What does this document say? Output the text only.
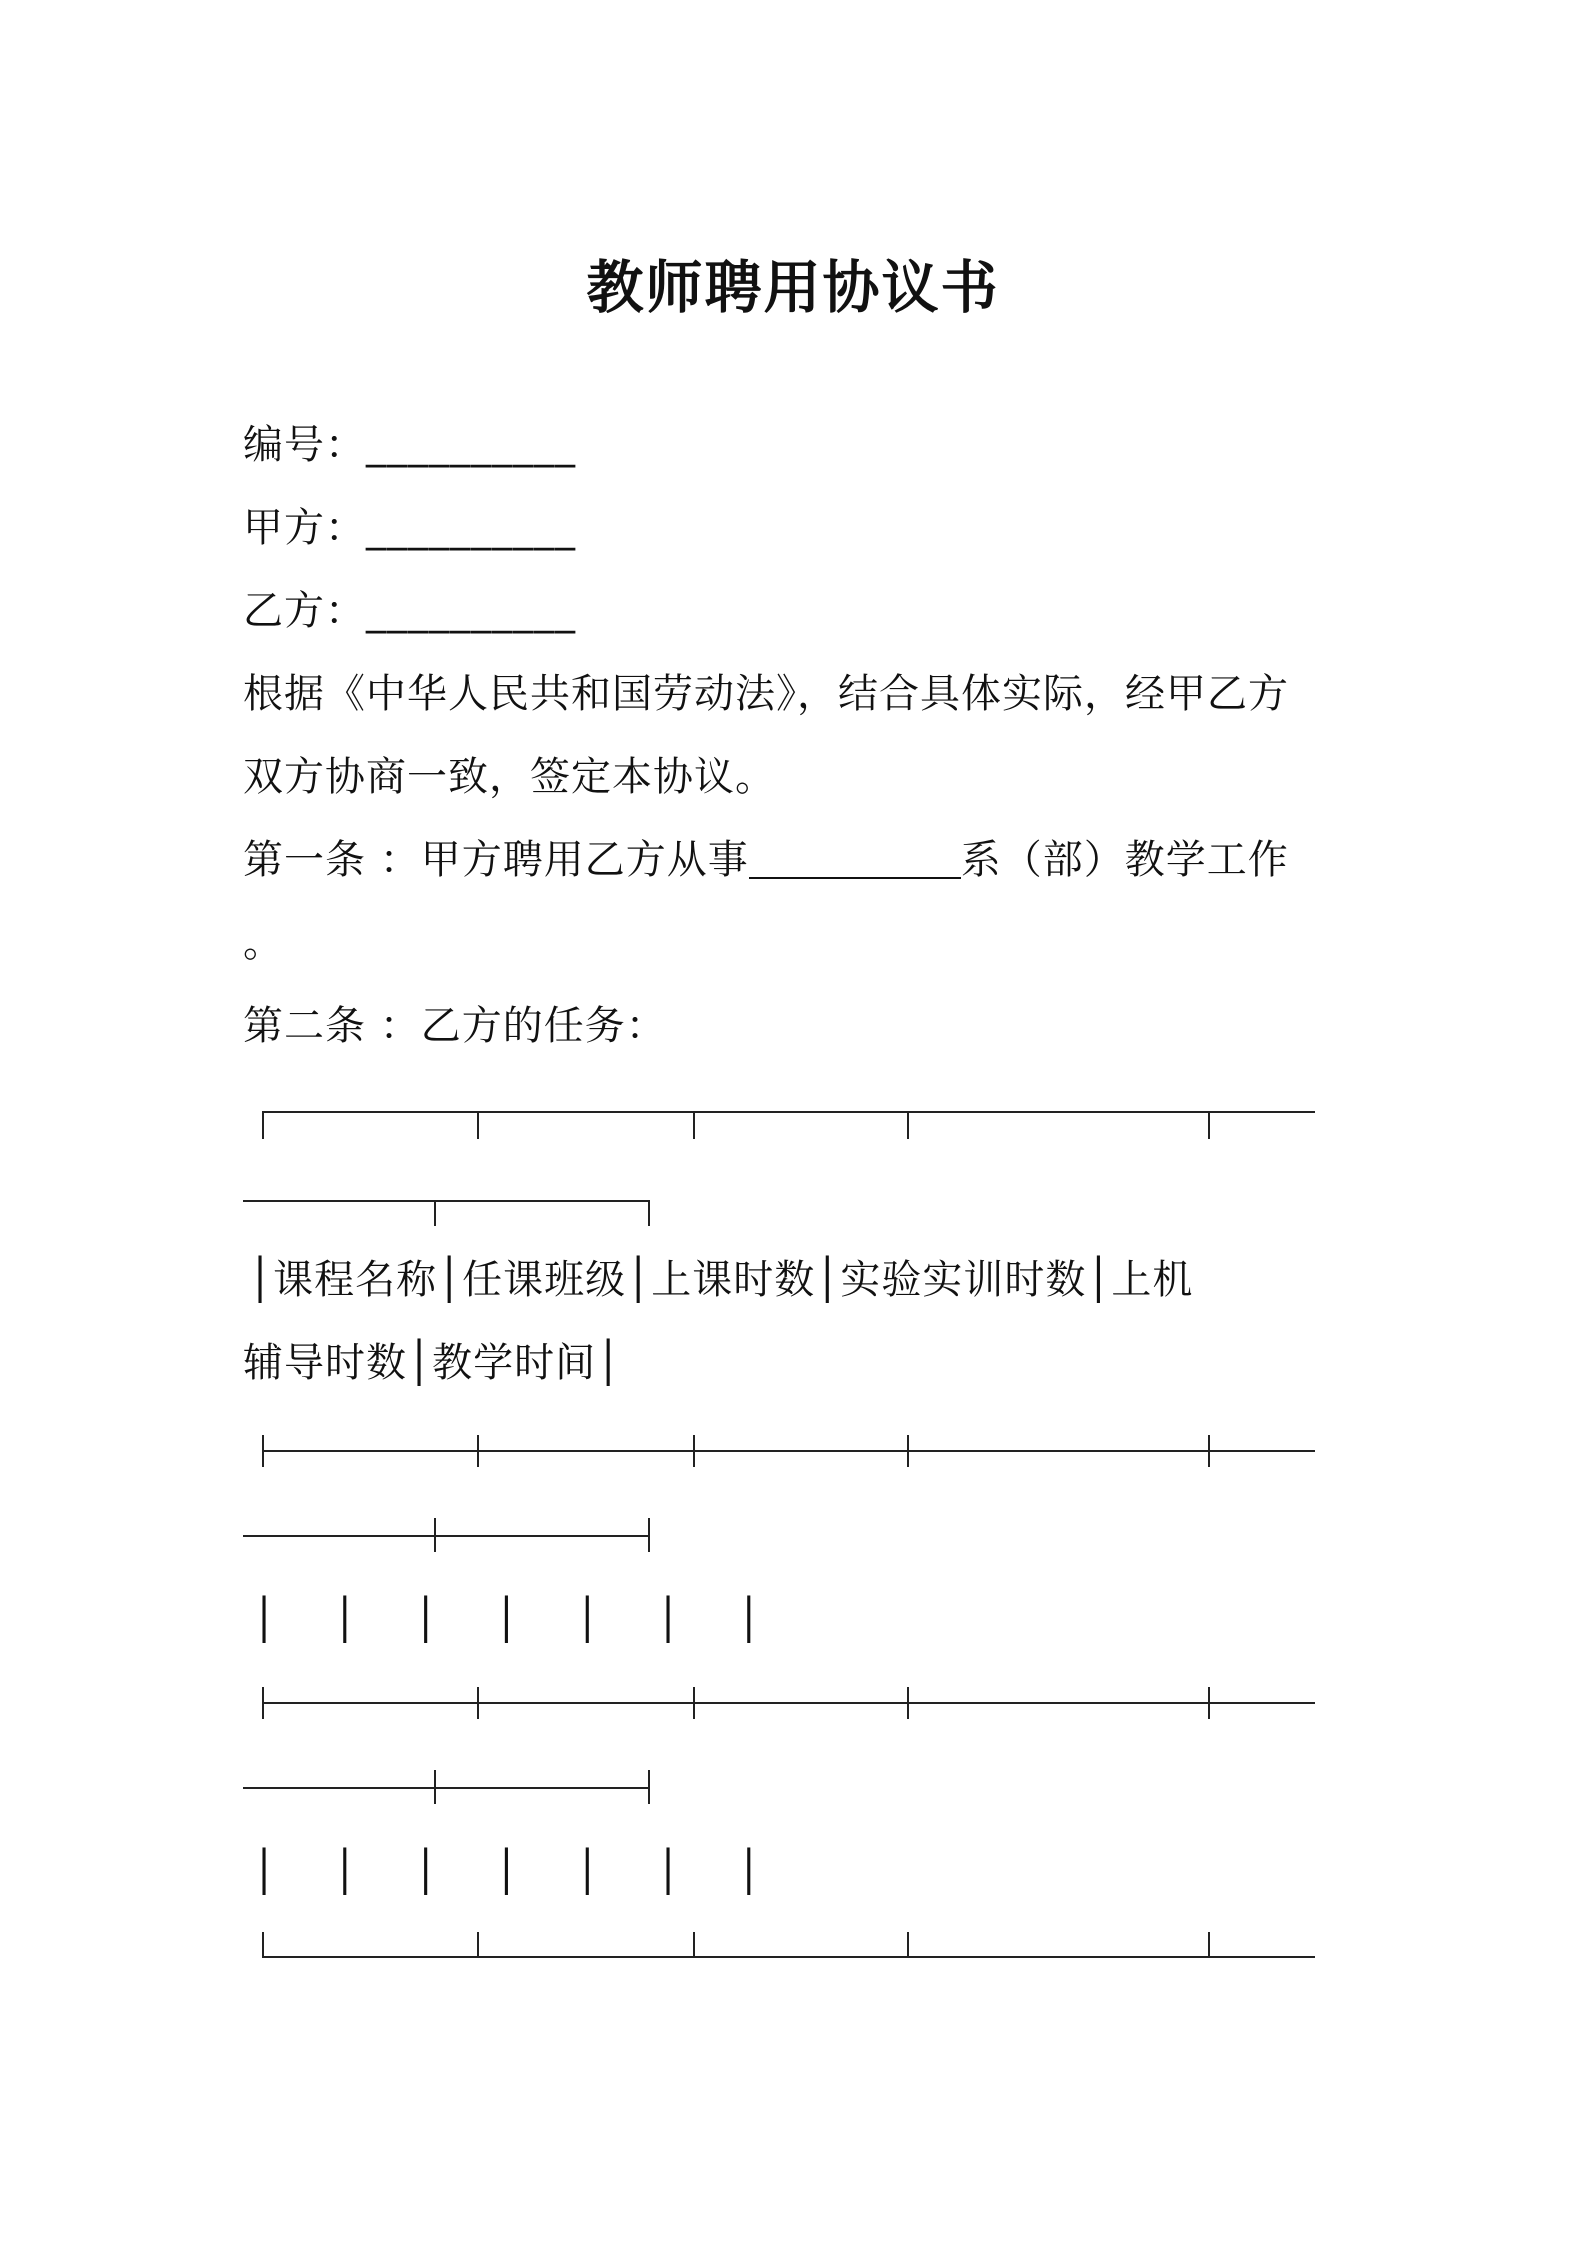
教师聘用协议书
编号：__________
甲方：__________
乙方：__________
根据《中华人民共和国劳动法》，结合具体实际，经甲乙方
双方协商一致，签定本协议。
第一条 ：甲方聘用乙方从事	系（部）教学工作
。
第二条 ：乙方的任务：
│课程名称│任课班级│上课时数│实验实训时数│上机
辅导时数│教学时间│
│ │ │ │ │ │ │
│ │ │ │ │ │ │
